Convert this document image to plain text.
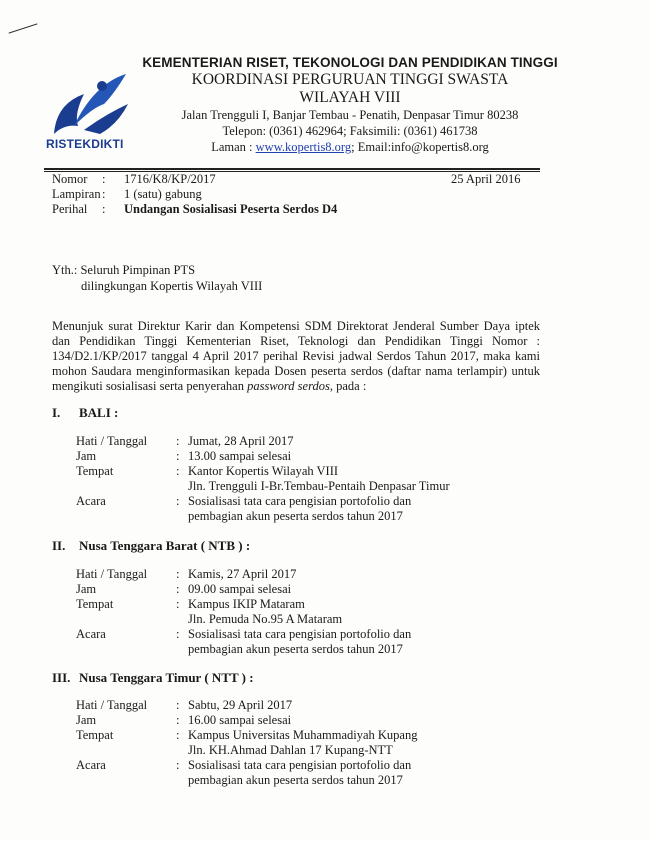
RISTEKDIKTI

KEMENTERIAN RISET, TEKONOLOGI DAN PENDIDIKAN TINGGI

KOORDINASI PERGURUAN TINGGI SWASTA

WILAYAH VIII

Jalan Trengguli I, Banjar Tembau - Penatih, Denpasar Timur 80238

Telepon: (0361) 462964; Faksimili: (0361) 461738

Laman : www.kopertis8.org; Email:info@kopertis8.org

Nomor	:	1716/K8/KP/2017
Lampiran :	1 (satu) gabung
Perihal	:	Undangan Sosialisasi Peserta Serdos D4
25 April 2016
Yth.: Seluruh Pimpinan PTS
dilingkungan Kopertis Wilayah VIII

Menunjuk surat Direktur Karir dan Kompetensi SDM Direktorat Jenderal Sumber Daya iptek dan Pendidikan Tinggi Kementerian Riset, Teknologi dan Pendidikan Tinggi Nomor : 134/D2.1/KP/2017 tanggal 4 April 2017 perihal Revisi jadwal Serdos Tahun 2017, maka kami mohon Saudara menginformasikan kepada Dosen peserta serdos (daftar nama terlampir) untuk mengikuti sosialisasi serta penyerahan password serdos, pada :

I. BALI :
Hati / Tanggal	: Jumat, 28 April 2017
Jam	: 13.00 sampai selesai
Tempat	: Kantor Kopertis Wilayah VIII
Jln. Trengguli I-Br.Tembau-Pentaih Denpasar Timur
Acara	: Sosialisasi tata cara pengisian portofolio dan
pembagian akun peserta serdos tahun 2017
II. Nusa Tenggara Barat ( NTB ) :
Hati / Tanggal	: Kamis, 27 April 2017
Jam	: 09.00 sampai selesai
Tempat	: Kampus IKIP Mataram
Jln. Pemuda No.95 A Mataram
Acara	: Sosialisasi tata cara pengisian portofolio dan
pembagian akun peserta serdos tahun 2017
III. Nusa Tenggara Timur ( NTT ) :
Hati / Tanggal	: Sabtu, 29 April 2017
Jam	: 16.00 sampai selesai
Tempat	: Kampus Universitas Muhammadiyah Kupang
Jln. KH.Ahmad Dahlan 17 Kupang-NTT
Acara	: Sosialisasi tata cara pengisian portofolio dan
pembagian akun peserta serdos tahun 2017
